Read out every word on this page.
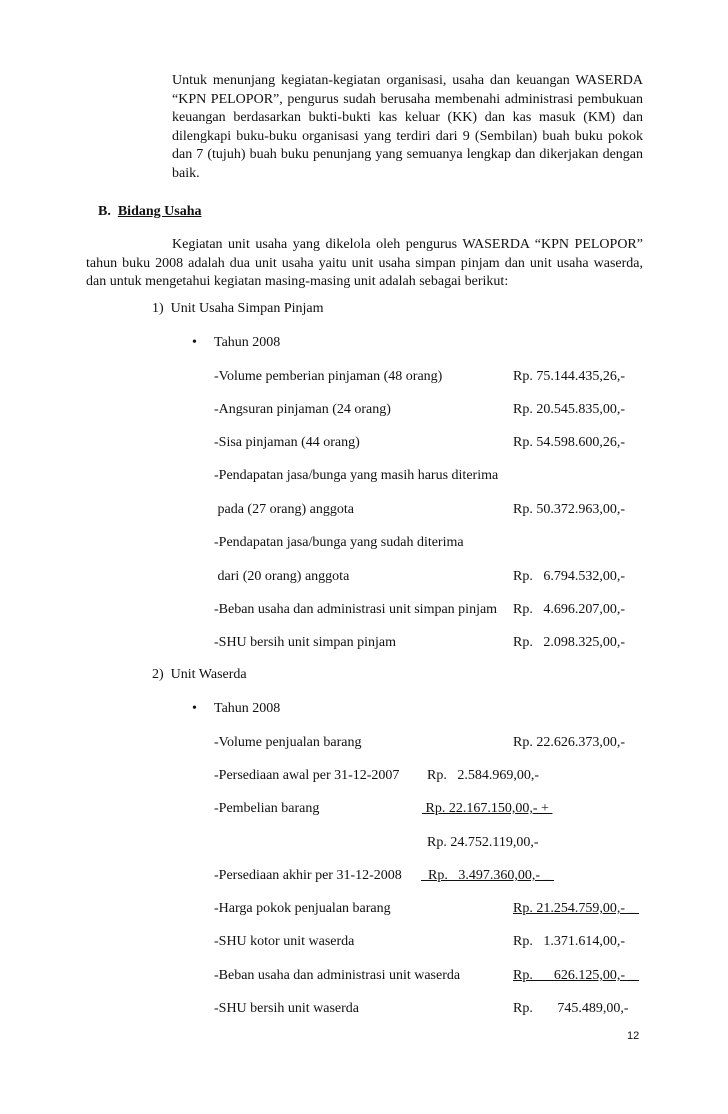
Untuk menunjang kegiatan-kegiatan organisasi, usaha dan keuangan WASERDA “KPN PELOPOR”, pengurus sudah berusaha membenahi administrasi pembukuan keuangan berdasarkan bukti-bukti kas keluar (KK) dan kas masuk (KM) dan dilengkapi buku-buku organisasi yang terdiri dari 9 (Sembilan) buah buku pokok dan 7 (tujuh) buah buku penunjang yang semuanya lengkap dan dikerjakan dengan baik.
B. Bidang Usaha
Kegiatan unit usaha yang dikelola oleh pengurus WASERDA “KPN PELOPOR” tahun buku 2008 adalah dua unit usaha yaitu unit usaha simpan pinjam dan unit usaha waserda, dan untuk mengetahui kegiatan masing-masing unit adalah sebagai berikut:
1)  Unit Usaha Simpan Pinjam
• Tahun 2008
-Volume pemberian pinjaman (48 orang)	Rp. 75.144.435,26,-
-Angsuran pinjaman (24 orang)	Rp. 20.545.835,00,-
-Sisa pinjaman (44 orang)	Rp. 54.598.600,26,-
-Pendapatan jasa/bunga yang masih harus diterima
pada (27 orang) anggota	Rp. 50.372.963,00,-
-Pendapatan jasa/bunga yang sudah diterima
dari (20 orang) anggota	Rp.   6.794.532,00,-
-Beban usaha dan administrasi unit simpan pinjam Rp.   4.696.207,00,-
-SHU bersih unit simpan pinjam	Rp.   2.098.325,00,-
2)  Unit Waserda
• Tahun 2008
-Volume penjualan barang	Rp. 22.626.373,00,-
-Persediaan awal per 31-12-2007 Rp.   2.584.969,00,-
-Pembelian barang	Rp. 22.167.150,00,- +
Rp. 24.752.119,00,-
-Persediaan akhir per 31-12-2008 Rp.   3.497.360,00,- _
-Harga pokok penjualan barang	Rp. 21.254.759,00,- _
-SHU kotor unit waserda	Rp.   1.371.614,00,-
-Beban usaha dan administrasi unit waserda	Rp.      626.125,00,- _
-SHU bersih unit waserda	Rp.       745.489,00,-
12
